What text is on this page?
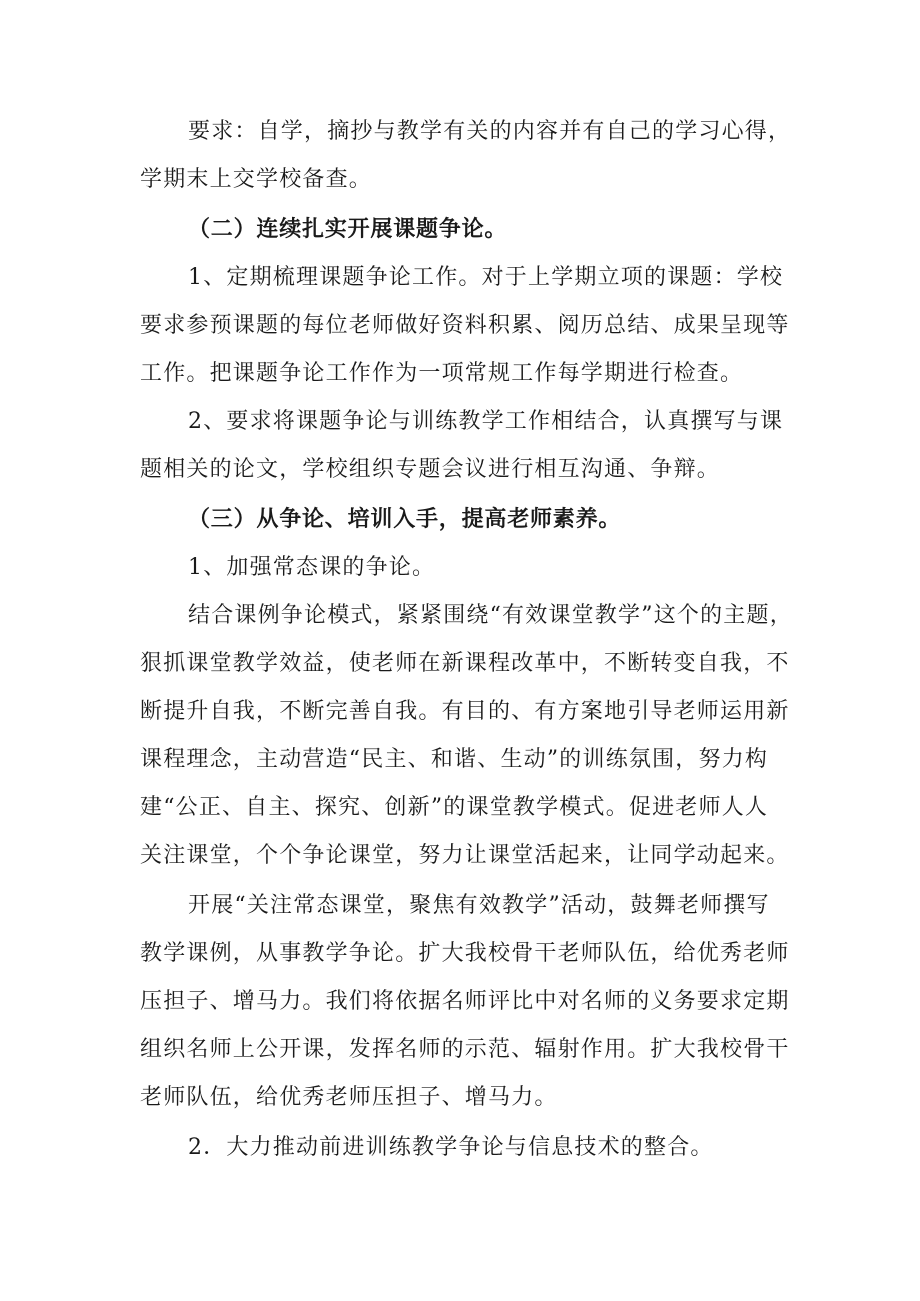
要求：自学，摘抄与教学有关的内容并有自己的学习心得，
学期末上交学校备查。
（二）连续扎实开展课题争论。
1、定期梳理课题争论工作。对于上学期立项的课题：学校
要求参预课题的每位老师做好资料积累、阅历总结、成果呈现等
工作。把课题争论工作作为一项常规工作每学期进行检查。
2、要求将课题争论与训练教学工作相结合，认真撰写与课
题相关的论文，学校组织专题会议进行相互沟通、争辩。
（三）从争论、培训入手，提高老师素养。
1、加强常态课的争论。
结合课例争论模式，紧紧围绕“有效课堂教学”这个的主题，
狠抓课堂教学效益，使老师在新课程改革中，不断转变自我，不
断提升自我，不断完善自我。有目的、有方案地引导老师运用新
课程理念，主动营造“民主、和谐、生动”的训练氛围，努力构
建“公正、自主、探究、创新”的课堂教学模式。促进老师人人
关注课堂，个个争论课堂，努力让课堂活起来，让同学动起来。
开展“关注常态课堂，聚焦有效教学”活动，鼓舞老师撰写
教学课例，从事教学争论。扩大我校骨干老师队伍，给优秀老师
压担子、增马力。我们将依据名师评比中对名师的义务要求定期
组织名师上公开课，发挥名师的示范、辐射作用。扩大我校骨干
老师队伍，给优秀老师压担子、增马力。
2．大力推动前进训练教学争论与信息技术的整合。
